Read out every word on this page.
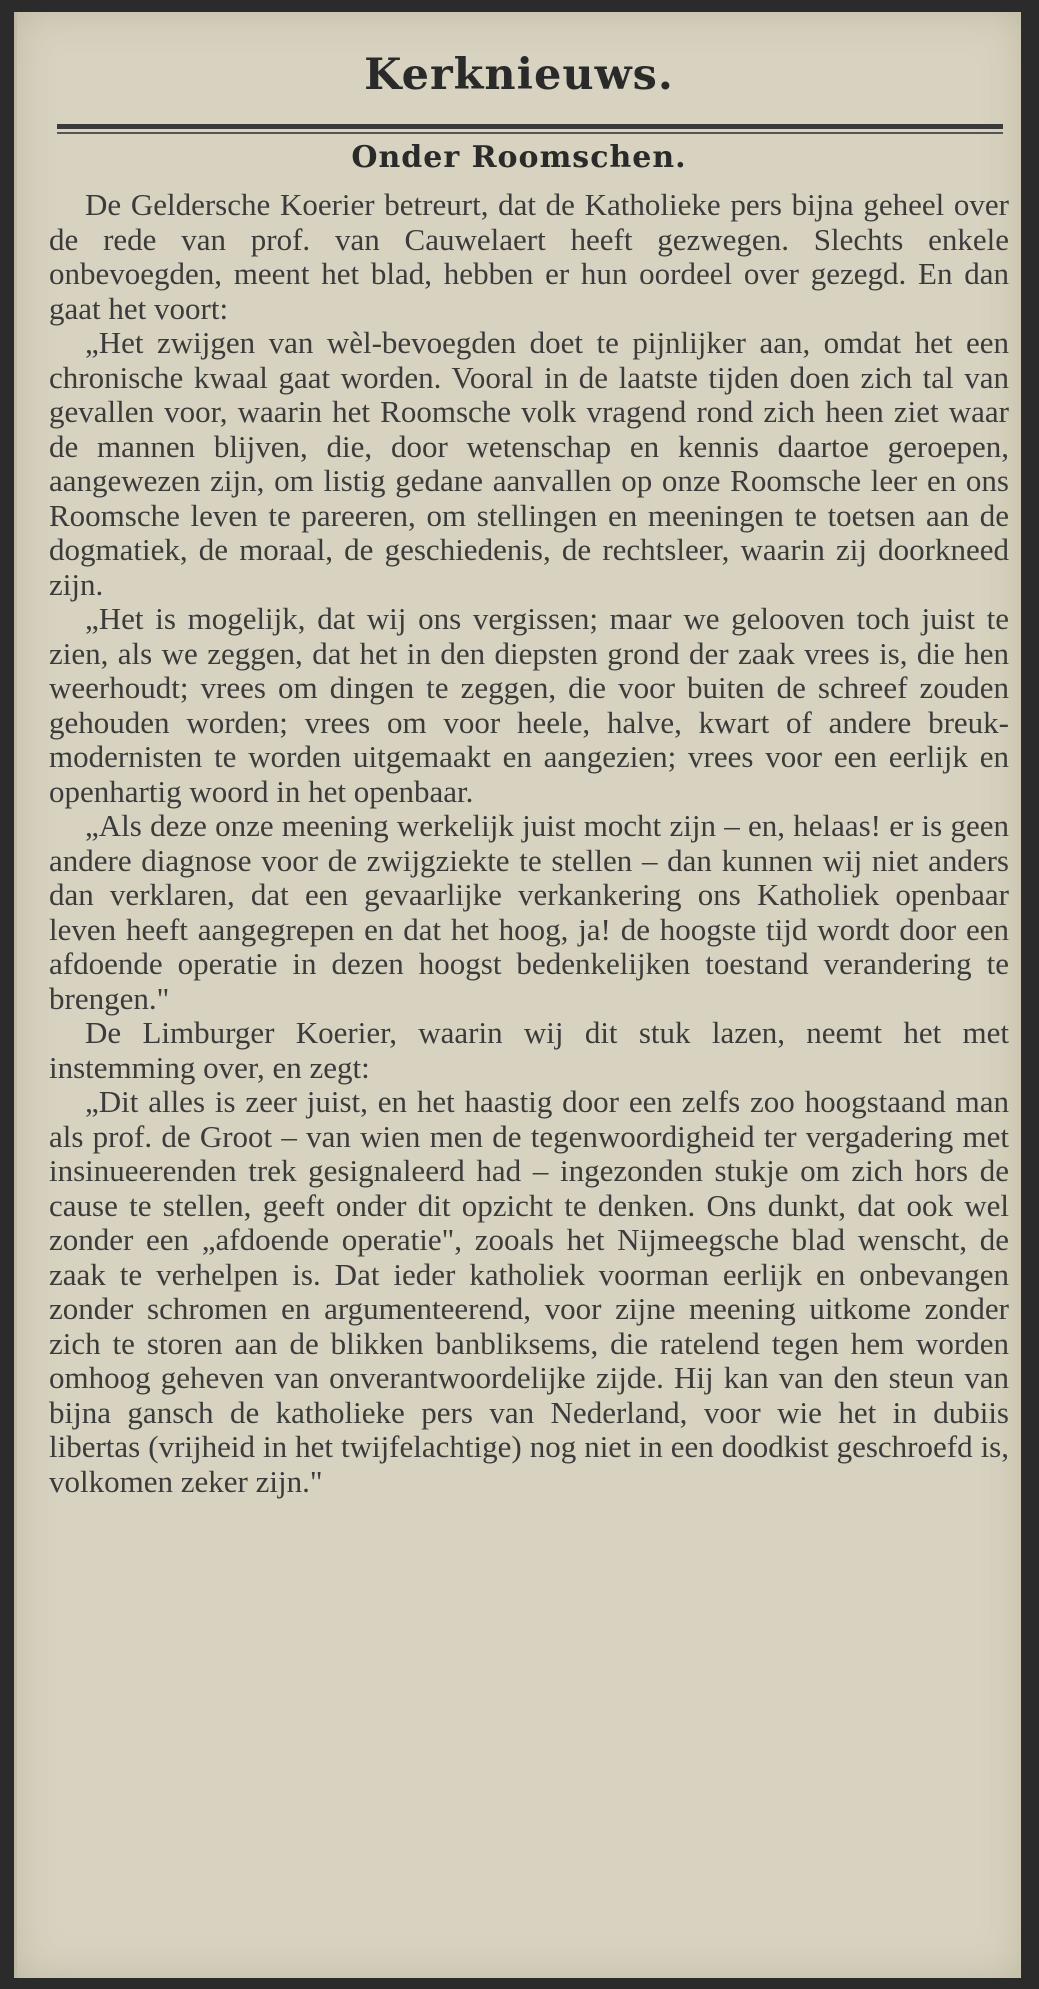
Kerknieuws.
Onder Roomschen.

De Geldersche Koerier betreurt, dat de Katholieke pers bijna geheel over de rede van prof. van Cauwelaert heeft gezwegen. Slechts enkele onbevoegden, meent het blad, hebben er hun oordeel over gezegd. En dan gaat het voort:

„Het zwijgen van wèl-bevoegden doet te pijnlijker aan, omdat het een chronische kwaal gaat worden. Vooral in de laatste tijden doen zich tal van gevallen voor, waarin het Roomsche volk vragend rond zich heen ziet waar de mannen blijven, die, door wetenschap en kennis daartoe geroepen, aangewezen zijn, om listig gedane aanvallen op onze Roomsche leer en ons Roomsche leven te pareeren, om stellingen en meeningen te toetsen aan de dogmatiek, de moraal, de geschiedenis, de rechtsleer, waarin zij doorkneed zijn.

„Het is mogelijk, dat wij ons vergissen; maar we gelooven toch juist te zien, als we zeggen, dat het in den diepsten grond der zaak vrees is, die hen weerhoudt; vrees om dingen te zeggen, die voor buiten de schreef zouden gehouden worden; vrees om voor heele, halve, kwart of andere breuk-modernisten te worden uitgemaakt en aangezien; vrees voor een eerlijk en openhartig woord in het openbaar.

„Als deze onze meening werkelijk juist mocht zijn – en, helaas! er is geen andere diagnose voor de zwijgziekte te stellen – dan kunnen wij niet anders dan verklaren, dat een gevaarlijke verkankering ons Katholiek openbaar leven heeft aangegrepen en dat het hoog, ja! de hoogste tijd wordt door een afdoende operatie in dezen hoogst bedenkelijken toestand verandering te brengen."

De Limburger Koerier, waarin wij dit stuk lazen, neemt het met instemming over, en zegt:

„Dit alles is zeer juist, en het haastig door een zelfs zoo hoogstaand man als prof. de Groot – van wien men de tegenwoordigheid ter vergadering met insinueerenden trek gesignaleerd had – ingezonden stukje om zich hors de cause te stellen, geeft onder dit opzicht te denken. Ons dunkt, dat ook wel zonder een „afdoende operatie", zooals het Nijmeegsche blad wenscht, de zaak te verhelpen is. Dat ieder katholiek voorman eerlijk en onbevangen zonder schromen en argumenteerend, voor zijne meening uitkome zonder zich te storen aan de blikken banbliksems, die ratelend tegen hem worden omhoog geheven van onverantwoordelijke zijde. Hij kan van den steun van bijna gansch de katholieke pers van Nederland, voor wie het in dubiis libertas (vrijheid in het twijfelachtige) nog niet in een doodkist geschroefd is, volkomen zeker zijn."
